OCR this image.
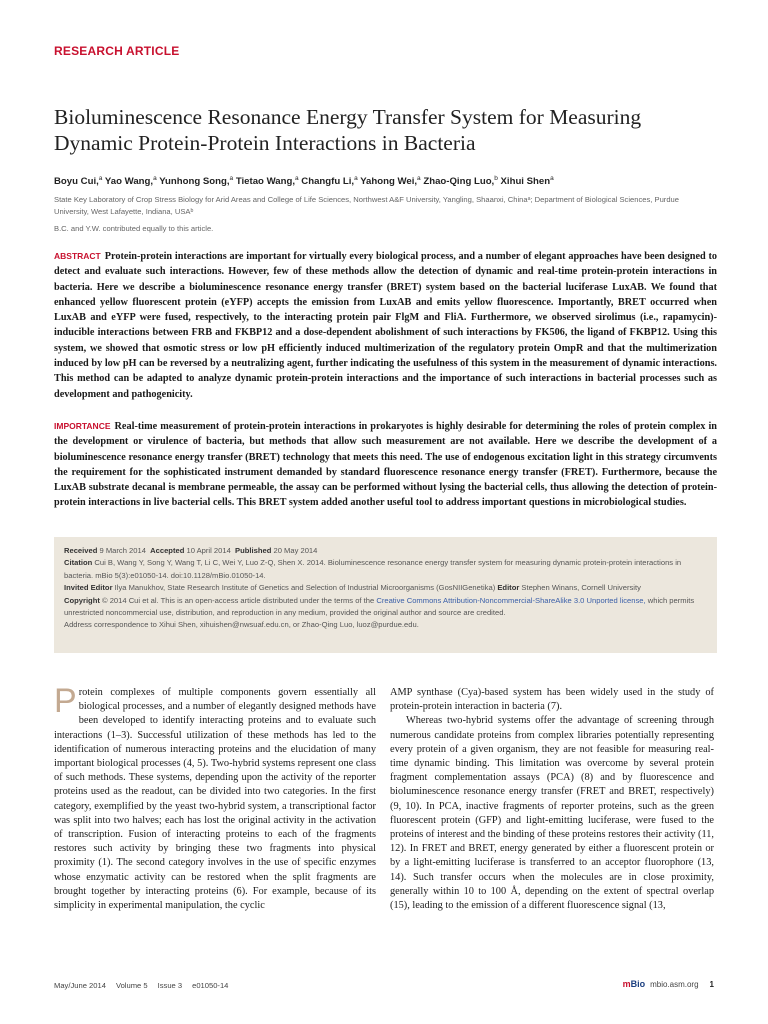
RESEARCH ARTICLE
Bioluminescence Resonance Energy Transfer System for Measuring Dynamic Protein-Protein Interactions in Bacteria
Boyu Cui,$^a$ Yao Wang,$^a$ Yunhong Song,$^a$ Tietao Wang,$^a$ Changfu Li,$^a$ Yahong Wei,$^a$ Zhao-Qing Luo,$^b$ Xihui Shen$^a$
State Key Laboratory of Crop Stress Biology for Arid Areas and College of Life Sciences, Northwest A&F University, Yangling, Shaanxi, Chinaᵃ; Department of Biological Sciences, Purdue University, West Lafayette, Indiana, USAᵇ
B.C. and Y.W. contributed equally to this article.
ABSTRACT Protein-protein interactions are important for virtually every biological process, and a number of elegant approaches have been designed to detect and evaluate such interactions. However, few of these methods allow the detection of dynamic and real-time protein-protein interactions in bacteria. Here we describe a bioluminescence resonance energy transfer (BRET) system based on the bacterial luciferase LuxAB. We found that enhanced yellow fluorescent protein (eYFP) accepts the emission from LuxAB and emits yellow fluorescence. Importantly, BRET occurred when LuxAB and eYFP were fused, respectively, to the interacting protein pair FlgM and FliA. Furthermore, we observed sirolimus (i.e., rapamycin)-inducible interactions between FRB and FKBP12 and a dose-dependent abolishment of such interactions by FK506, the ligand of FKBP12. Using this system, we showed that osmotic stress or low pH efficiently induced multimerization of the regulatory protein OmpR and that the multimerization induced by low pH can be reversed by a neutralizing agent, further indicating the usefulness of this system in the measurement of dynamic interactions. This method can be adapted to analyze dynamic protein-protein interactions and the importance of such interactions in bacterial processes such as development and pathogenicity.
IMPORTANCE Real-time measurement of protein-protein interactions in prokaryotes is highly desirable for determining the roles of protein complex in the development or virulence of bacteria, but methods that allow such measurement are not available. Here we describe the development of a bioluminescence resonance energy transfer (BRET) technology that meets this need. The use of endogenous excitation light in this strategy circumvents the requirement for the sophisticated instrument demanded by standard fluorescence resonance energy transfer (FRET). Furthermore, because the LuxAB substrate decanal is membrane permeable, the assay can be performed without lysing the bacterial cells, thus allowing the detection of protein-protein interactions in live bacterial cells. This BRET system added another useful tool to address important questions in microbiological studies.

Received 9 March 2014 Accepted 10 April 2014 Published 20 May 2014

Citation Cui B, Wang Y, Song Y, Wang T, Li C, Wei Y, Luo Z-Q, Shen X. 2014. Bioluminescence resonance energy transfer system for measuring dynamic protein-protein interactions in bacteria. mBio 5(3):e01050-14. doi:10.1128/mBio.01050-14.

Invited Editor Ilya Manukhov, State Research Institute of Genetics and Selection of Industrial Microorganisms (GosNIIGenetika) Editor Stephen Winans, Cornell University

Copyright © 2014 Cui et al. This is an open-access article distributed under the terms of the Creative Commons Attribution-Noncommercial-ShareAlike 3.0 Unported license, which permits unrestricted noncommercial use, distribution, and reproduction in any medium, provided the original author and source are credited.

Address correspondence to Xihui Shen, xihuishen@nwsuaf.edu.cn, or Zhao-Qing Luo, luoz@purdue.edu.

Protein complexes of multiple components govern essentially all biological processes, and a number of elegantly designed methods have been developed to identify interacting proteins and to evaluate such interactions (1–3). Successful utilization of these methods has led to the identification of numerous interacting proteins and the elucidation of many important biological processes (4, 5). Two-hybrid systems represent one class of such methods. These systems, depending upon the activity of the reporter proteins used as the readout, can be divided into two categories. In the first category, exemplified by the yeast two-hybrid system, a transcriptional factor was split into two halves; each has lost the original activity in the activation of transcription. Fusion of interacting proteins to each of the fragments restores such activity by bringing these two fragments into physical proximity (1). The second category involves in the use of specific enzymes whose enzymatic activity can be restored when the split fragments are brought together by interacting proteins (6). For example, because of its simplicity in experimental manipulation, the cyclic

AMP synthase (Cya)-based system has been widely used in the study of protein-protein interaction in bacteria (7).

Whereas two-hybrid systems offer the advantage of screening through numerous candidate proteins from complex libraries potentially representing every protein of a given organism, they are not feasible for measuring real-time dynamic binding. This limitation was overcome by several protein fragment complementation assays (PCA) (8) and by fluorescence and bioluminescence resonance energy transfer (FRET and BRET, respectively) (9, 10). In PCA, inactive fragments of reporter proteins, such as the green fluorescent protein (GFP) and light-emitting luciferase, were fused to the proteins of interest and the binding of these proteins restores their activity (11, 12). In FRET and BRET, energy generated by either a fluorescent protein or by a light-emitting luciferase is transferred to an acceptor fluorophore (13, 14). Such transfer occurs when the molecules are in close proximity, generally within 10 to 100 Å, depending on the extent of spectral overlap (15), leading to the emission of a different fluorescence signal (13,

May/June 2014 Volume 5 Issue 3 e01050-14	mBio mbio.asm.org 1
